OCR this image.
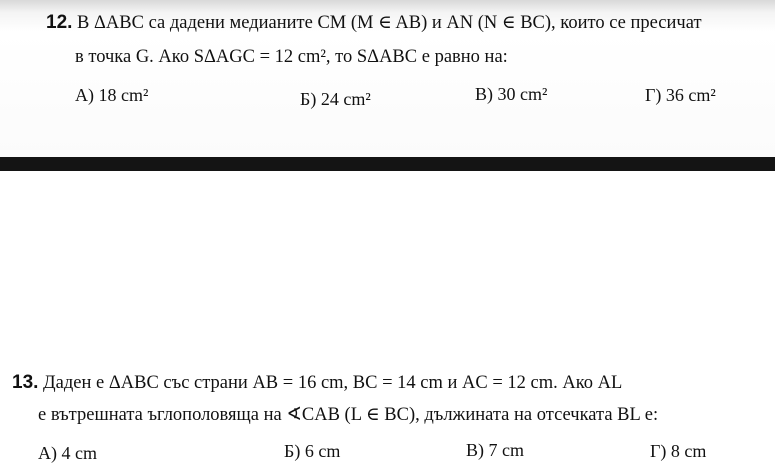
12. В ΔABC са дадени медианите CM (M ∈ AB) и AN (N ∈ BC), които се пресичат
в точка G. Ако SΔAGC = 12 cm², то SΔABC е равно на:
А) 18 cm²	Б) 24 cm²	В) 30 cm²	Г) 36 cm²
13. Даден е ΔABC със страни AB = 16 cm, BC = 14 cm и AC = 12 cm. Ако AL
е вътрешната ъглополовяща на ∢CAB (L ∈ BC), дължината на отсечката BL е:
А) 4 cm	Б) 6 cm	В) 7 cm	Г) 8 cm
